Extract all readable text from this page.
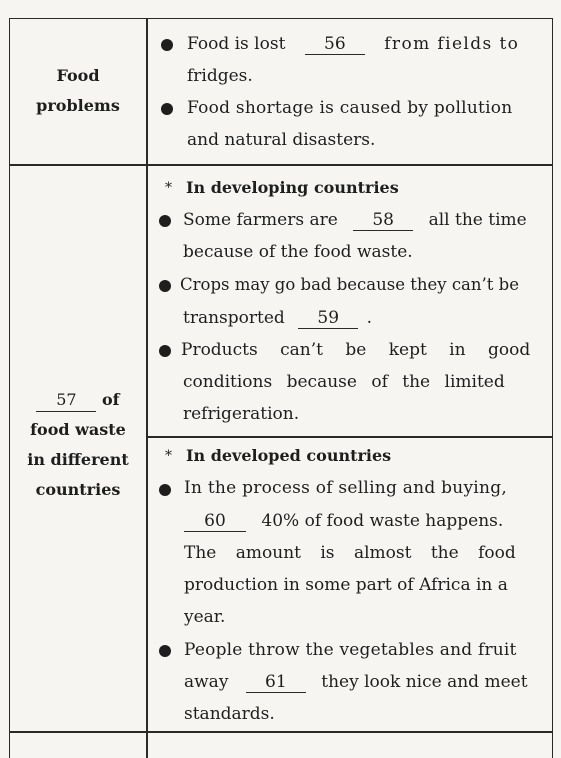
Food
problems
57 of
food waste
in different
countries
Food is lost 56 from fields to
fridges.
Food shortage is caused by pollution
and natural disasters.
* In developing countries
Some farmers are 58 all the time
because of the food waste.
Crops may go bad because they can’t be
transported 59 .
Products can’t be kept in good
conditions because of the limited
refrigeration.
* In developed countries
In the process of selling and buying,
60 40% of food waste happens.
The amount is almost the food
production in some part of Africa in a
year.
People throw the vegetables and fruit
away 61 they look nice and meet
standards.
